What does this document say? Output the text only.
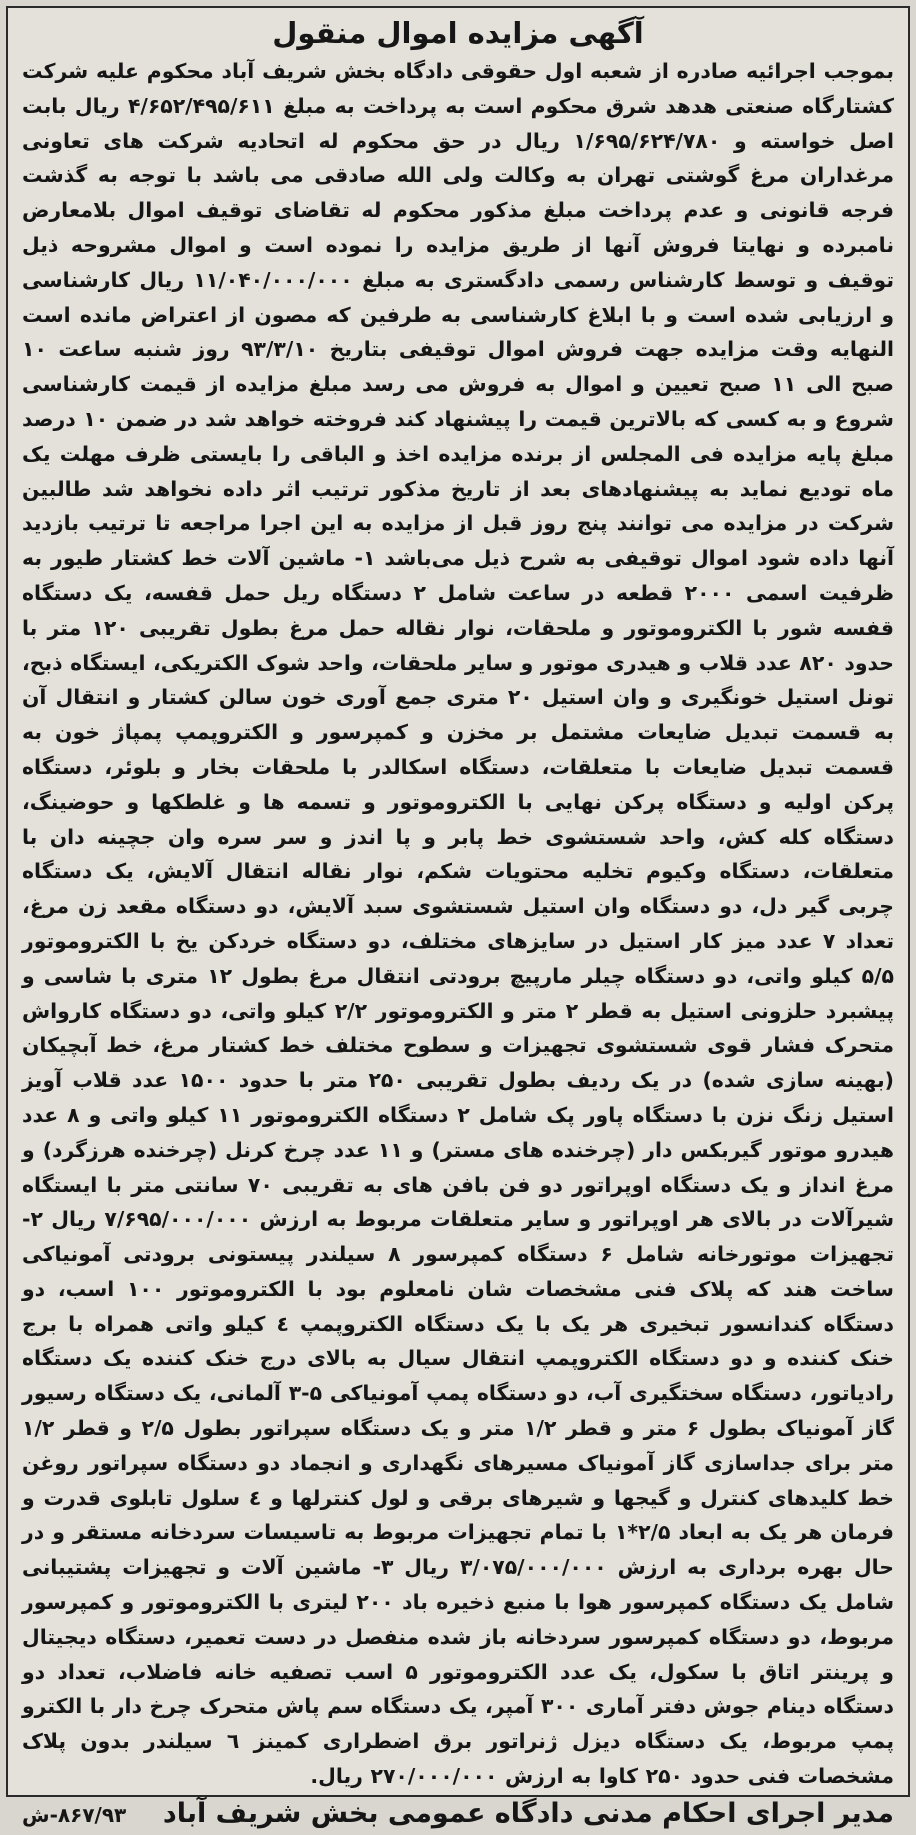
آگهی مزایده اموال منقول

بموجب اجرائیه صادره از شعبه اول حقوقی دادگاه بخش شریف آباد محکوم علیه شرکت کشتارگاه صنعتی هدهد شرق محکوم است به پرداخت به مبلغ ۴/۶۵۲/۴۹۵/۶۱۱ ریال بابت اصل خواسته و ۱/۶۹۵/۶۲۴/۷۸۰ ریال در حق محکوم له اتحادیه شرکت های تعاونی مرغداران مرغ گوشتی تهران به وکالت ولی الله صادقی می باشد با توجه به گذشت فرجه قانونی و عدم پرداخت مبلغ مذکور محکوم له تقاضای توقیف اموال بلامعارض نامبرده و نهایتا فروش آنها از طریق مزایده را نموده است و اموال مشروحه ذیل توقیف و توسط کارشناس رسمی دادگستری به مبلغ ۱۱/۰۴۰/۰۰۰/۰۰۰ ریال کارشناسی و ارزیابی شده است و با ابلاغ کارشناسی به طرفین که مصون از اعتراض مانده است النهایه وقت مزایده جهت فروش اموال توقیفی بتاریخ ۹۳/۳/۱۰ روز شنبه ساعت ۱۰ صبح الی ۱۱ صبح تعیین و اموال به فروش می رسد مبلغ مزایده از قیمت کارشناسی شروع و به کسی که بالاترین قیمت را پیشنهاد کند فروخته خواهد شد در ضمن ۱۰ درصد مبلغ پایه مزایده فی المجلس از برنده مزایده اخذ و الباقی را بایستی ظرف مهلت یک ماه تودیع نماید به پیشنهادهای بعد از تاریخ مذکور ترتیب اثر داده نخواهد شد طالبین شرکت در مزایده می توانند پنج روز قبل از مزایده به این اجرا مراجعه تا ترتیب بازدید آنها داده شود اموال توقیفی به شرح ذیل می‌باشد ۱- ماشین آلات خط کشتار طیور به ظرفیت اسمی ۲۰۰۰ قطعه در ساعت شامل ۲ دستگاه ریل حمل قفسه، یک دستگاه قفسه شور با الکتروموتور و ملحقات، نوار نقاله حمل مرغ بطول تقریبی ۱۲۰ متر با حدود ۸۲۰ عدد قلاب و هیدری موتور و سایر ملحقات، واحد شوک الکتریکی، ایستگاه ذبح، تونل استیل خونگیری و وان استیل ۲۰ متری جمع آوری خون سالن کشتار و انتقال آن به قسمت تبدیل ضایعات مشتمل بر مخزن و کمپرسور و الکتروپمپ پمپاژ خون به قسمت تبدیل ضایعات با متعلقات، دستگاه اسکالدر با ملحقات بخار و بلوئر، دستگاه پرکن اولیه و دستگاه پرکن نهایی با الکتروموتور و تسمه ها و غلطکها و حوضینگ، دستگاه کله کش، واحد شستشوی خط پابر و پا اندز و سر سره وان جچینه دان با متعلقات، دستگاه وکیوم تخلیه محتویات شکم، نوار نقاله انتقال آلایش، یک دستگاه چربی گیر دل، دو دستگاه وان استیل شستشوی سبد آلایش، دو دستگاه مقعد زن مرغ، تعداد ۷ عدد میز کار استیل در سایزهای مختلف، دو دستگاه خردکن یخ با الکتروموتور ۵/۵ کیلو واتی، دو دستگاه چیلر مارپیچ برودتی انتقال مرغ بطول ۱۲ متری با شاسی و پیشبرد حلزونی استیل به قطر ۲ متر و الکتروموتور ۲/۲ کیلو واتی، دو دستگاه کارواش متحرک فشار قوی شستشوی تجهیزات و سطوح مختلف خط کشتار مرغ، خط آبچیکان (بهینه سازی شده) در یک ردیف بطول تقریبی ۲۵۰ متر با حدود ۱۵۰۰ عدد قلاب آویز استیل زنگ نزن با دستگاه پاور پک شامل ۲ دستگاه الکتروموتور ۱۱ کیلو واتی و ۸ عدد هیدرو موتور گیربکس دار (چرخنده های مستر) و ۱۱ عدد چرخ کرنل (چرخنده هرزگرد) و مرغ انداز و یک دستگاه اوپراتور دو فن بافن های به تقریبی ۷۰ سانتی متر با ایستگاه شیرآلات در بالای هر اوپراتور و سایر متعلقات مربوط به ارزش ۷/۶۹۵/۰۰۰/۰۰۰ ریال ۲- تجهیزات موتورخانه شامل ۶ دستگاه کمپرسور ۸ سیلندر پیستونی برودتی آمونیاکی ساخت هند که پلاک فنی مشخصات شان نامعلوم بود با الکتروموتور ۱۰۰ اسب، دو دستگاه کندانسور تبخیری هر یک با یک دستگاه الکتروپمپ ٤ کیلو واتی همراه با برج خنک کننده و دو دستگاه الکتروپمپ انتقال سیال به بالای درج خنک کننده یک دستگاه رادیاتور، دستگاه سختگیری آب، دو دستگاه پمپ آمونیاکی ۵-۳ آلمانی، یک دستگاه رسیور گاز آمونیاک بطول ۶ متر و قطر ۱/۲ متر و یک دستگاه سپراتور بطول ۲/۵ و قطر ۱/۲ متر برای جداسازی گاز آمونیاک مسیرهای نگهداری و انجماد دو دستگاه سپراتور روغن خط کلیدهای کنترل و گیجها و شیرهای برقی و لول کنترلها و ٤ سلول تابلوی قدرت و فرمان هر یک به ابعاد ۲/۵*۱ با تمام تجهیزات مربوط به تاسیسات سردخانه مستقر و در حال بهره برداری به ارزش ۳/۰۷۵/۰۰۰/۰۰۰ ریال ۳- ماشین آلات و تجهیزات پشتیبانی شامل یک دستگاه کمپرسور هوا با منبع ذخیره باد ۲۰۰ لیتری با الکتروموتور و کمپرسور مربوط، دو دستگاه کمپرسور سردخانه باز شده منفصل در دست تعمیر، دستگاه دیجیتال و پرینتر اتاق با سکول، یک عدد الکتروموتور ۵ اسب تصفیه خانه فاضلاب، تعداد دو دستگاه دینام جوش دفتر آماری ۳۰۰ آمپر، یک دستگاه سم پاش متحرک چرخ دار با الکترو پمپ مربوط، یک دستگاه دیزل ژنراتور برق اضطراری کمینز ٦ سیلندر بدون پلاک مشخصات فنی حدود ۲۵۰ کاوا به ارزش ۲۷۰/۰۰۰/۰۰۰ ریال.

مدیر اجرای احکام مدنی دادگاه عمومی بخش شریف آباد
۸۶۷/۹۳-ش
